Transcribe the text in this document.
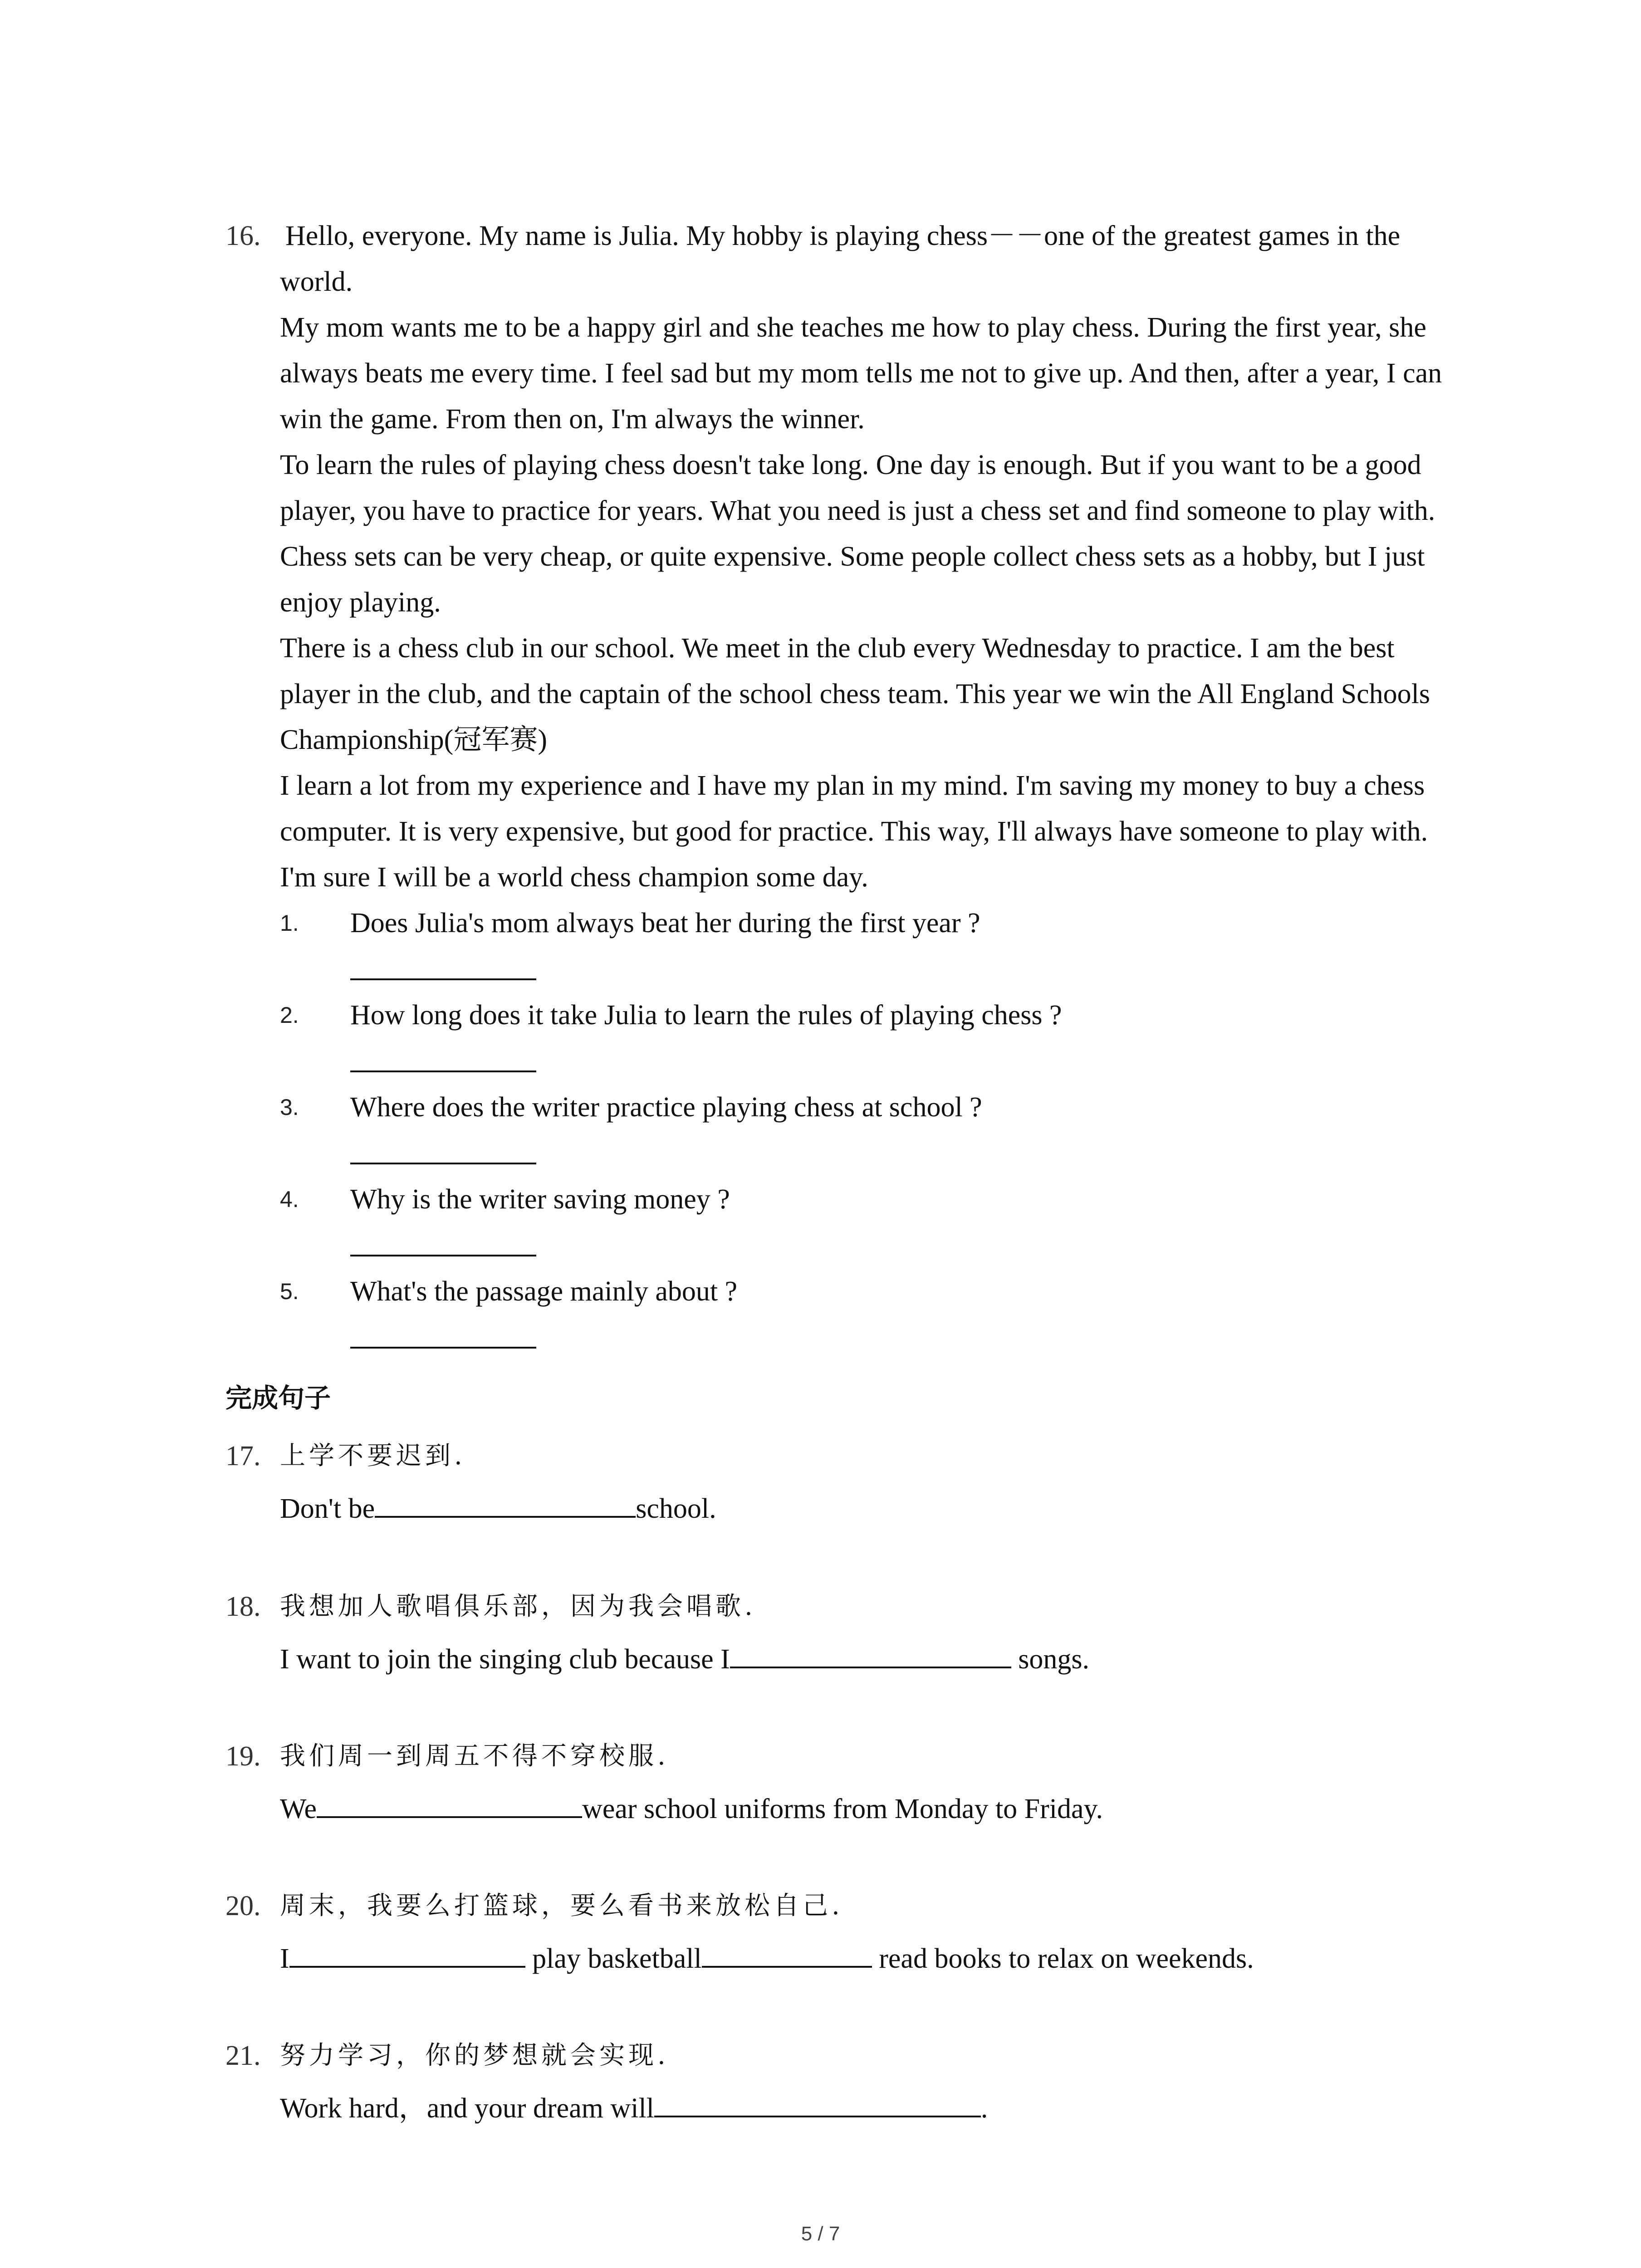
16. Hello, everyone. My name is Julia. My hobby is playing chess－－one of the greatest games in the world.

My mom wants me to be a happy girl and she teaches me how to play chess. During the first year, she always beats me every time. I feel sad but my mom tells me not to give up. And then, after a year, I can win the game. From then on, I'm always the winner.

To learn the rules of playing chess doesn't take long. One day is enough. But if you want to be a good player, you have to practice for years. What you need is just a chess set and find someone to play with. Chess sets can be very cheap, or quite expensive. Some people collect chess sets as a hobby, but I just enjoy playing.

There is a chess club in our school. We meet in the club every Wednesday to practice. I am the best player in the club, and the captain of the school chess team. This year we win the All England Schools Championship(冠军赛)

I learn a lot from my experience and I have my plan in my mind. I'm saving my money to buy a chess computer. It is very expensive, but good for practice. This way, I'll always have someone to play with. I'm sure I will be a world chess champion some day.

1. Does Julia's mom always beat her during the first year ?
2. How long does it take Julia to learn the rules of playing chess ?
3. Where does the writer practice playing chess at school ?
4. Why is the writer saving money ?
5. What's the passage mainly about ?
完成句子
17. 上学不要迟到.
Don't be	school.
18. 我想加人歌唱俱乐部，因为我会唱歌.
I want to join the singing club because I	songs.
19. 我们周一到周五不得不穿校服.
We	wear school uniforms from Monday to Friday.
20. 周末，我要么打篮球，要么看书来放松自己.
I	play basketball	read books to relax on weekends.
21. 努力学习，你的梦想就会实现.
Work hard，and your dream will	.
5 / 7
